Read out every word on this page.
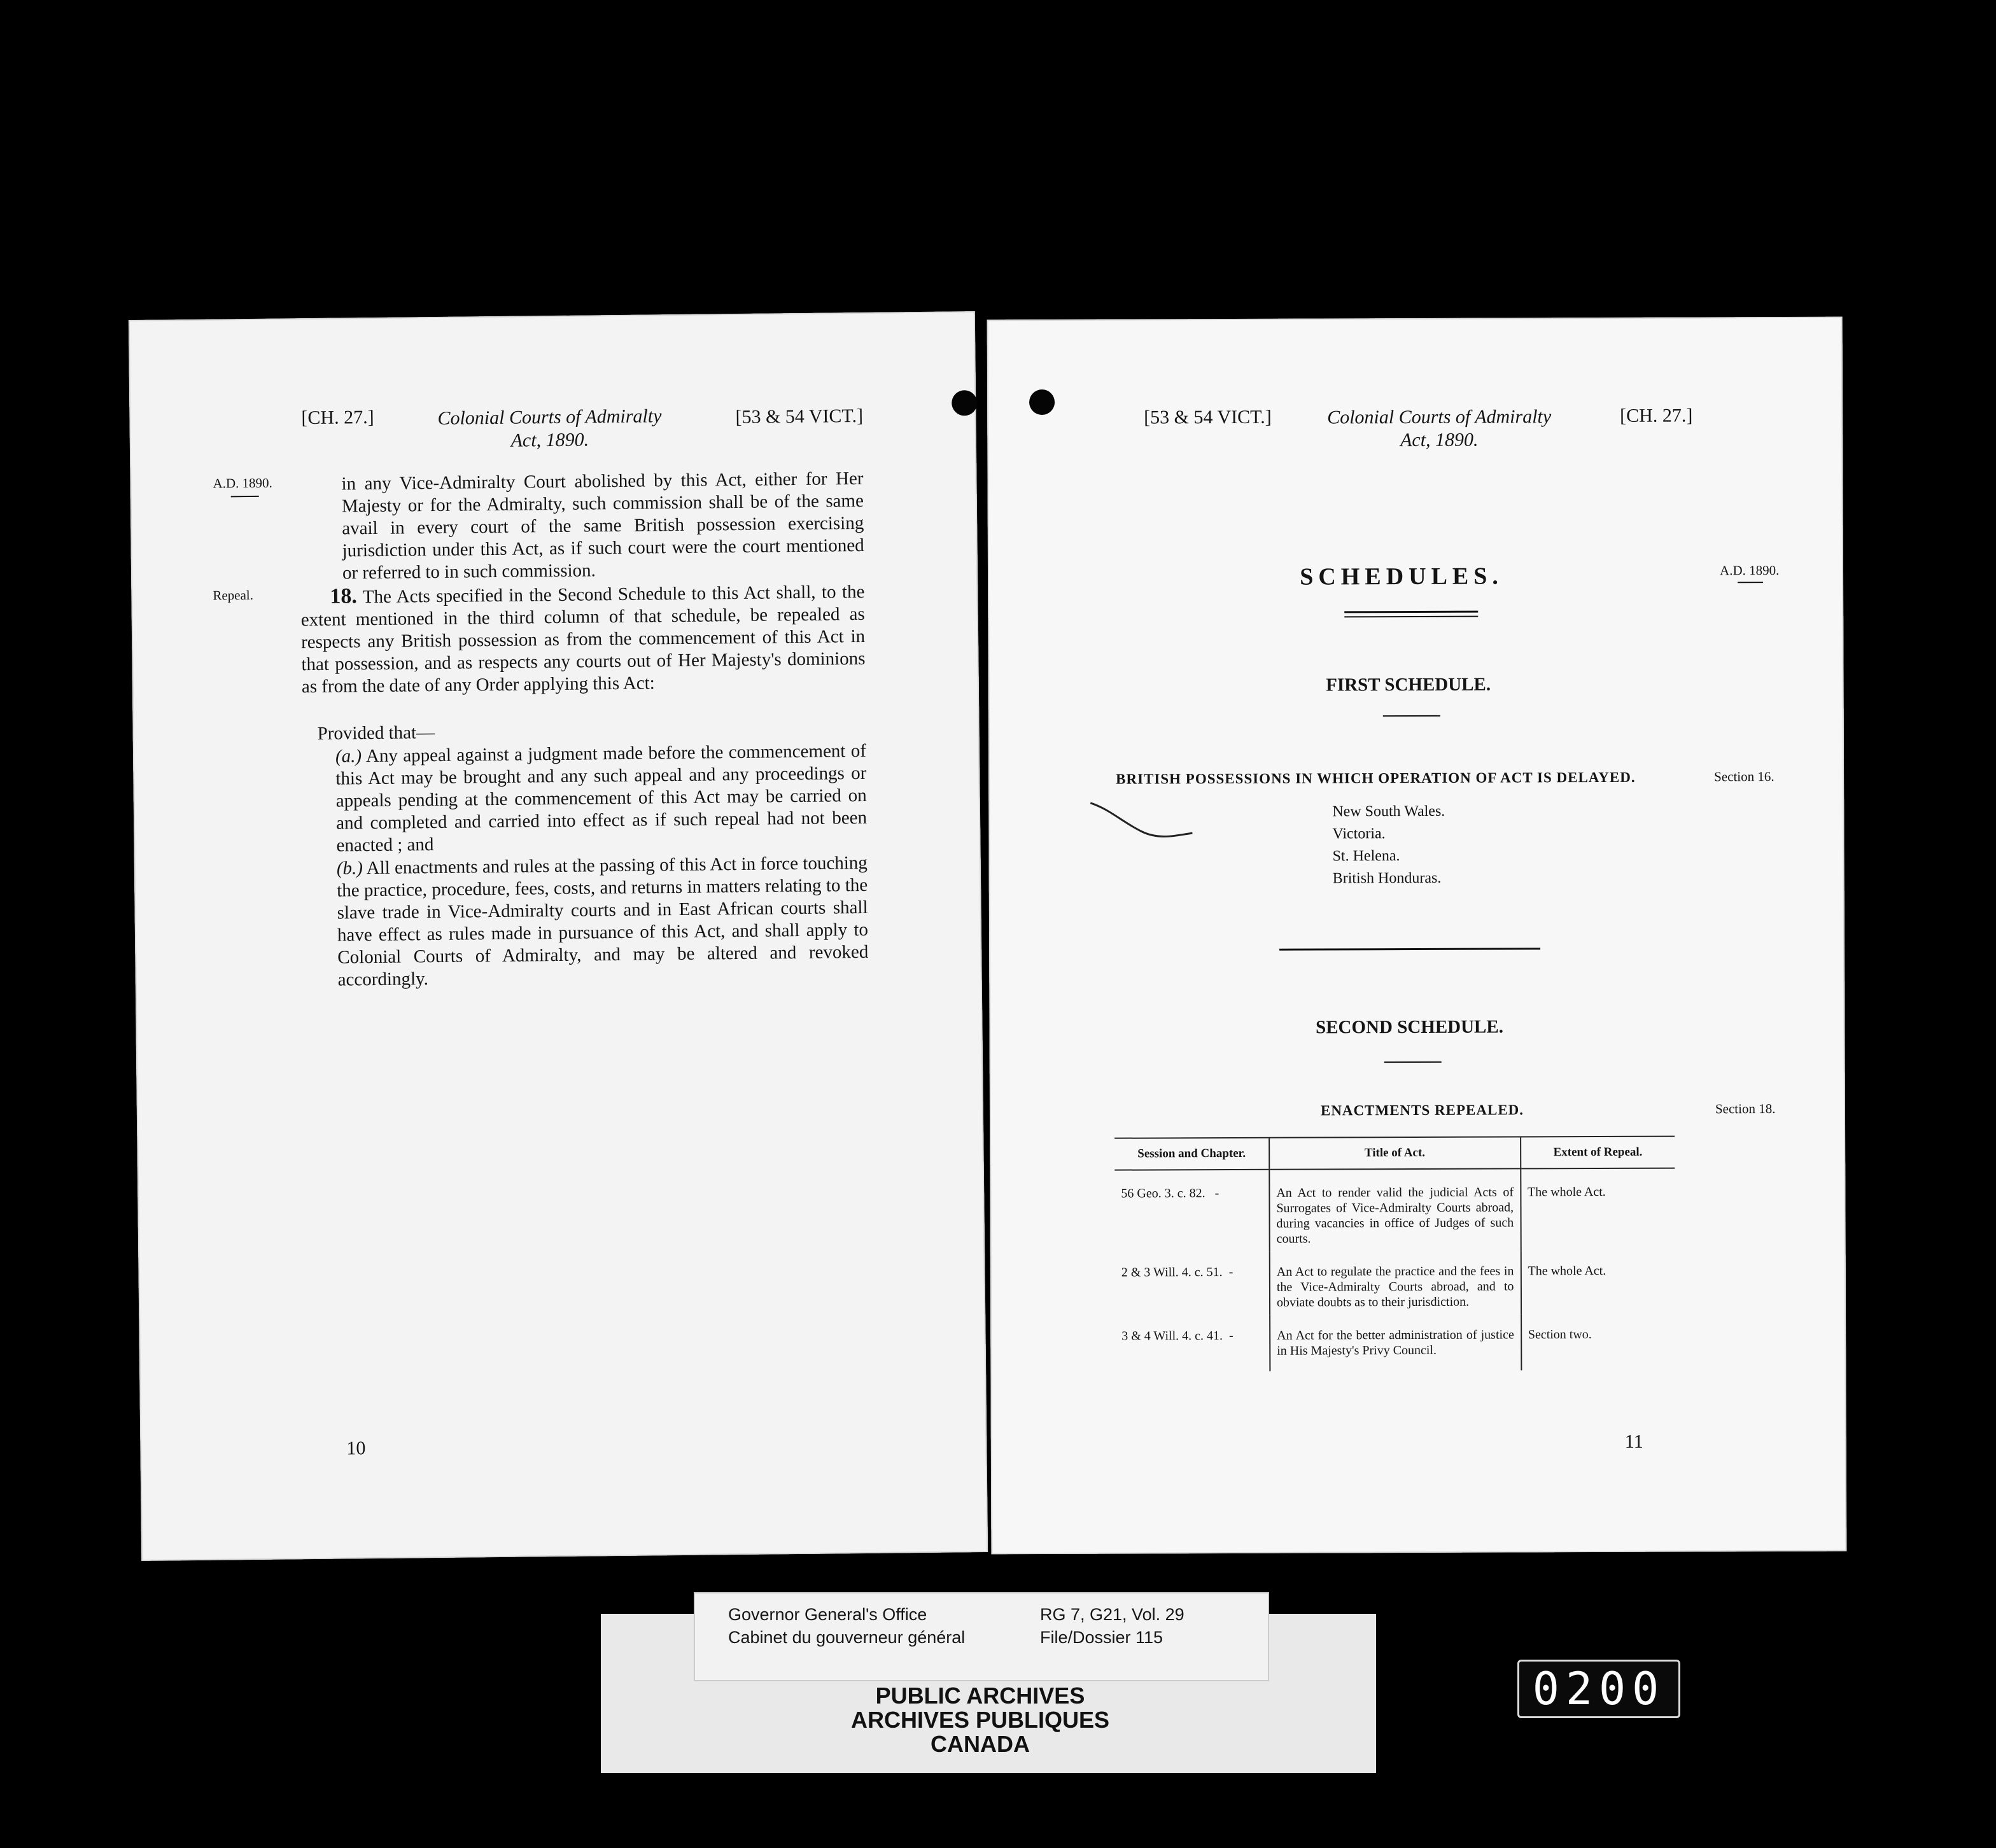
[CH. 27.]	Colonial Courts of Admiralty
Act, 1890.
[53 & 54 VICT.]
A.D. 1890.	in any Vice-Admiralty Court abolished by this Act, either for Her Majesty or for the Admiralty, such commission shall be of the same avail in every court of the same British possession exercising jurisdiction under this Act, as if such court were the court mentioned or referred to in such commission.
Repeal.	18. The Acts specified in the Second Schedule to this Act shall, to the extent mentioned in the third column of that schedule, be repealed as respects any British possession as from the commencement of this Act in that possession, and as respects any courts out of Her Majesty's dominions as from the date of any Order applying this Act:
Provided that—
(a.) Any appeal against a judgment made before the commencement of this Act may be brought and any such appeal and any proceedings or appeals pending at the commencement of this Act may be carried on and completed and carried into effect as if such repeal had not been enacted ; and
(b.) All enactments and rules at the passing of this Act in force touching the practice, procedure, fees, costs, and returns in matters relating to the slave trade in Vice-Admiralty courts and in East African courts shall have effect as rules made in pursuance of this Act, and shall apply to Colonial Courts of Admiralty, and may be altered and revoked accordingly.
10
[53 & 54 VICT.]	Colonial Courts of Admiralty
Act, 1890.
[CH. 27.]
SCHEDULES.	A.D. 1890.
FIRST SCHEDULE.
BRITISH POSSESSIONS IN WHICH OPERATION OF ACT IS DELAYED.	Section 16.
New South Wales.
Victoria.
St. Helena.
British Honduras.
SECOND SCHEDULE.
ENACTMENTS REPEALED.	Section 18.
Session and Chapter.	Title of Act.	Extent of Repeal.
56 Geo. 3. c. 82. -	An Act to render valid the judicial Acts of Surrogates of Vice-Admiralty Courts abroad, during vacancies in office of Judges of such courts.	The whole Act.
2 & 3 Will. 4. c. 51. -	An Act to regulate the practice and the fees in the Vice-Admiralty Courts abroad, and to obviate doubts as to their jurisdiction.	The whole Act.
3 & 4 Will. 4. c. 41. -	An Act for the better administration of justice in His Majesty's Privy Council.	Section two.
11
Governor General's Office
Cabinet du gouverneur général
RG 7, G21, Vol. 29
File/Dossier 115
PUBLIC ARCHIVES
ARCHIVES PUBLIQUES
CANADA
0200
